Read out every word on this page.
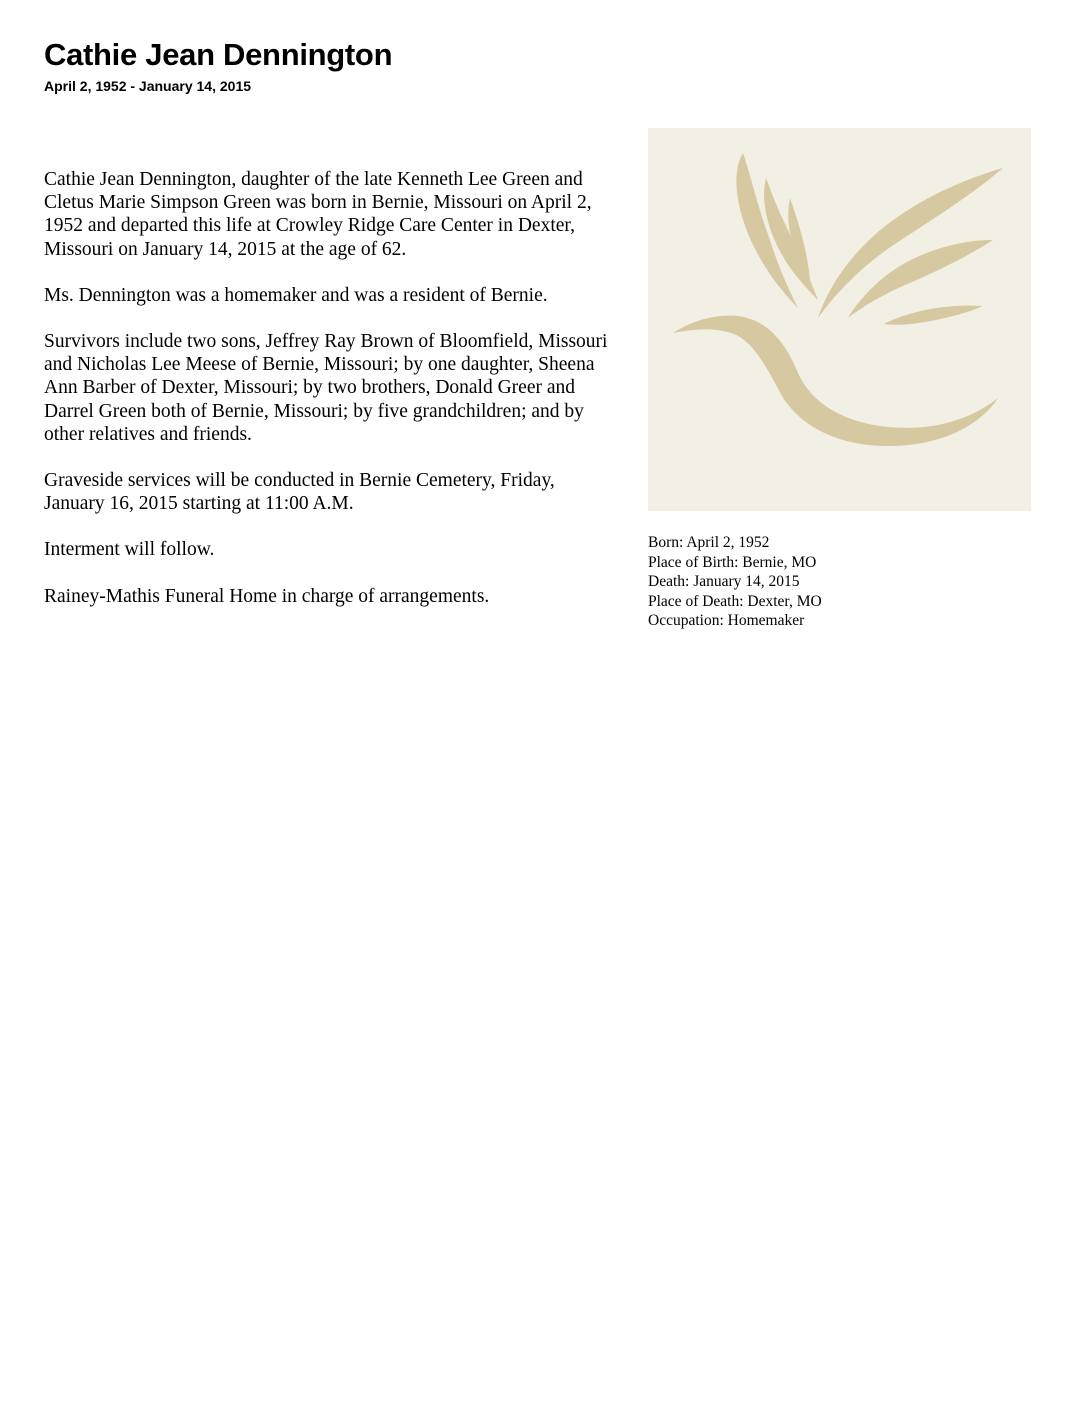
Cathie Jean Dennington
April 2, 1952 - January 14, 2015

Cathie Jean Dennington, daughter of the late Kenneth Lee Green and Cletus Marie Simpson Green was born in Bernie, Missouri on April 2, 1952 and departed this life at Crowley Ridge Care Center in Dexter, Missouri on January 14, 2015 at the age of 62.

Ms. Dennington was a homemaker and was a resident of Bernie.

Survivors include two sons, Jeffrey Ray Brown of Bloomfield, Missouri and Nicholas Lee Meese of Bernie, Missouri; by one daughter, Sheena Ann Barber of Dexter, Missouri; by two brothers, Donald Greer and Darrel Green both of Bernie, Missouri; by five grandchildren; and by other relatives and friends.

Graveside services will be conducted in Bernie Cemetery, Friday, January 16, 2015 starting at 11:00 A.M.

Interment will follow.

Rainey-Mathis Funeral Home in charge of arrangements.

Born: April 2, 1952
Place of Birth: Bernie, MO
Death: January 14, 2015
Place of Death: Dexter, MO
Occupation: Homemaker
